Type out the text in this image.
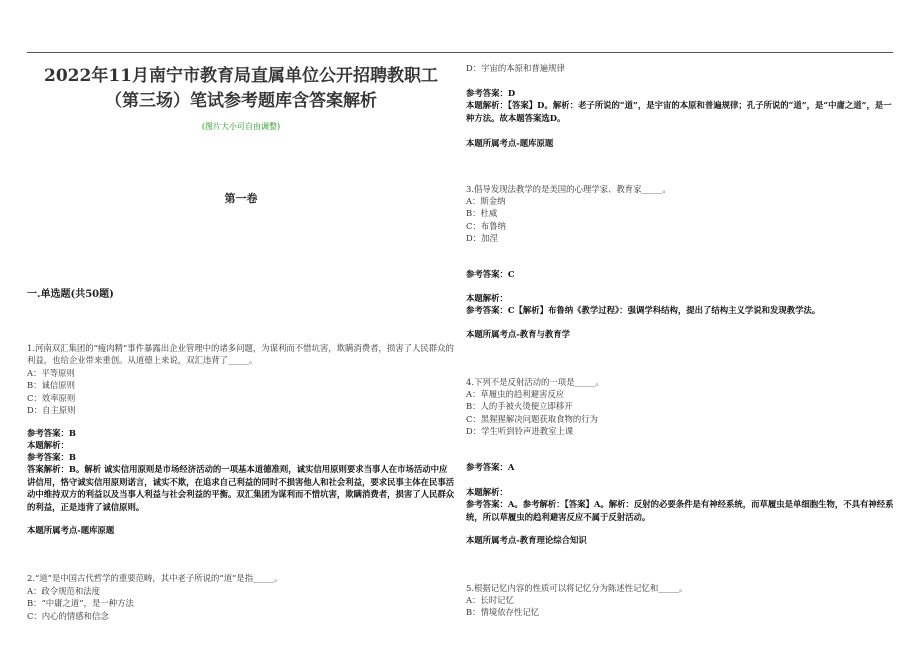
2022年11月南宁市教育局直属单位公开招聘教职工
（第三场）笔试参考题库含答案解析
(图片大小可自由调整)
第一卷
一.单选题(共50题)
1.河南双汇集团的“瘦肉精”事件暴露出企业管理中的诸多问题，为谋利而不惜坑害，欺瞒消费者，损害了人民群众的利益，也给企业带来重创。从道德上来说，双汇违背了_____。
A：平等原则
B：诚信原则
C：效率原则
D：自主原则
参考答案：B
本题解析：
参考答案：B
答案解析：B。解析 诚实信用原则是市场经济活动的一项基本道德准则，诚实信用原则要求当事人在市场活动中应讲信用，恪守诚实信用原则诺言，诚实不欺，在追求自己利益的同时不损害他人和社会利益，要求民事主体在民事活动中维持双方的利益以及当事人利益与社会利益的平衡。双汇集团为谋利而不惜坑害，欺瞒消费者，损害了人民群众的利益，正是违背了诚信原则。
本题所属考点-题库原题
2.“道”是中国古代哲学的重要范畴，其中老子所说的“道”是指_____。
A：政令规范和法度
B：“中庸之道”，是一种方法
C：内心的情感和信念
D：宇宙的本原和普遍规律
参考答案：D
本题解析：【答案】D。解析：老子所说的“道”，是宇宙的本原和普遍规律；孔子所说的“道”，是“中庸之道”，是一种方法。故本题答案选D。
本题所属考点-题库原题
3.倡导发现法教学的是美国的心理学家、教育家_____。
A：斯金纳
B：杜威
C：布鲁纳
D：加涅
参考答案：C
本题解析：
参考答案：C【解析】布鲁纳《教学过程》：强调学科结构，提出了结构主义学说和发现教学法。
本题所属考点-教育与教育学
4.下列不是反射活动的一项是_____。
A：草履虫的趋利避害反应
B：人的手被火烫便立即移开
C：黑猩猩解决问题获取食物的行为
D：学生听到铃声进教室上课
参考答案：A
本题解析：
参考答案：A。参考解析：【答案】A。解析：反射的必要条件是有神经系统，而草履虫是单细胞生物，不具有神经系统，所以草履虫的趋利避害反应不属于反射活动。
本题所属考点-教育理论综合知识
5.根据记忆内容的性质可以将记忆分为陈述性记忆和_____。
A：长时记忆
B：情境依存性记忆
